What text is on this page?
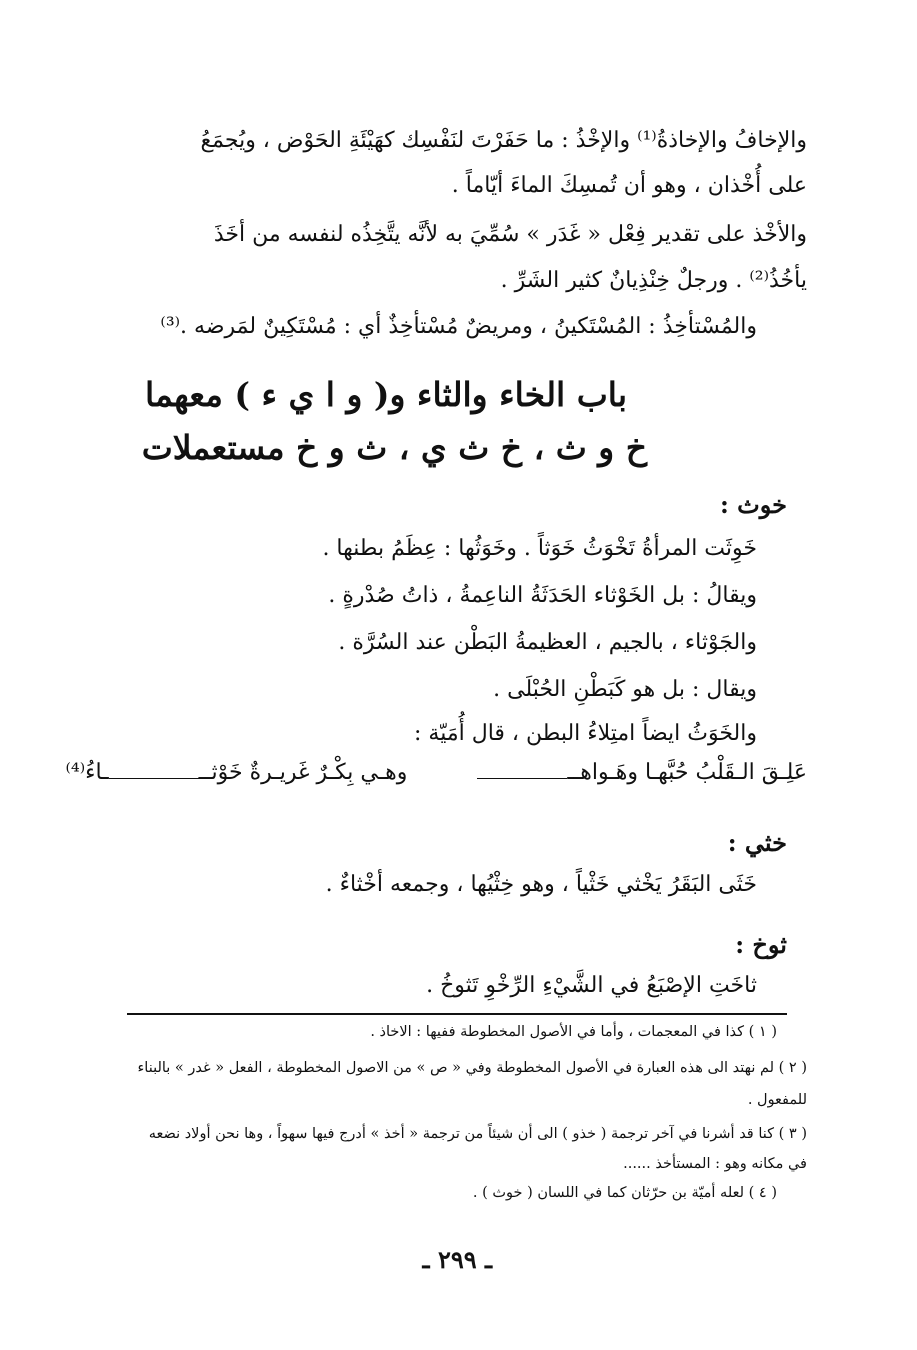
والإخافُ والإخاذةُ⁽¹⁾ والإخْذُ : ما حَفَرْتَ لنَفْسِك كهَيْئَةِ الحَوْض ، ويُجمَعُ
على أُخْذان ، وهو أن تُمسِكَ الماءَ أيّاماً .
والأخْذ على تقدير فِعْل « غَدَر » سُمِّيَ به لأنَّه يتَّخِذُه لنفسه من أخَذَ
يأخُذُ⁽²⁾ . ورجلٌ خِنْذِيانٌ كثير الشَرِّ .
والمُسْتأخِذُ : المُسْتَكينُ ، ومريضٌ مُسْتأخِذٌ أي : مُسْتَكِينٌ لمَرضه .⁽³⁾
باب الخاء والثاء و( و ا ي ء ) معهما
خ و ث ، خ ث ي ، ث و خ مستعملات
خوث :
خَوِثَت المرأةُ تَخْوَثُ خَوَثاً . وخَوَثُها : عِظَمُ بطنها .
ويقالُ : بل الخَوْثاء الحَدَثَةُ الناعِمةُ ، ذاتُ صُدْرةٍ .
والجَوْثاء ، بالجيم ، العظيمةُ البَطْن عند السُرَّة .
ويقال : بل هو كَبَطْنِ الحُبْلَى .
والخَوَثُ ايضاً امتِلاءُ البطن ، قال أُمَيّة :
عَلِـقَ الـقَلْبُ حُبَّهـا وهَـواهــوهـي بِكْـرٌ غَريـرةٌ خَوْثـــاءُ⁽⁴⁾
خثي :
خَثَى البَقَرُ يَخْثي خَثْياً ، وهو خِثْيُها ، وجمعه أخْثاءٌ .
ثوخ :
ثاخَتِ الإصْبَعُ في الشَّيْءِ الرِّخْوِ تَثوخُ .
( ١ ) كذا في المعجمات ، وأما في الأصول المخطوطة ففيها : الاخاذ .
( ٢ ) لم نهتد الى هذه العبارة في الأصول المخطوطة وفي « ص » من الاصول المخطوطة ، الفعل « غدر » بالبناء
للمفعول .
( ٣ ) كنا قد أشرنا في آخر ترجمة ( خذو ) الى أن شيئاً من ترجمة « أخذ » أدرج فيها سهواً ، وها نحن أولاد نضعه
في مكانه وهو : المستأخذ ......
( ٤ ) لعله أميّة بن حرّثان كما في اللسان ( خوث ) .
ـ ٢٩٩ ـ
